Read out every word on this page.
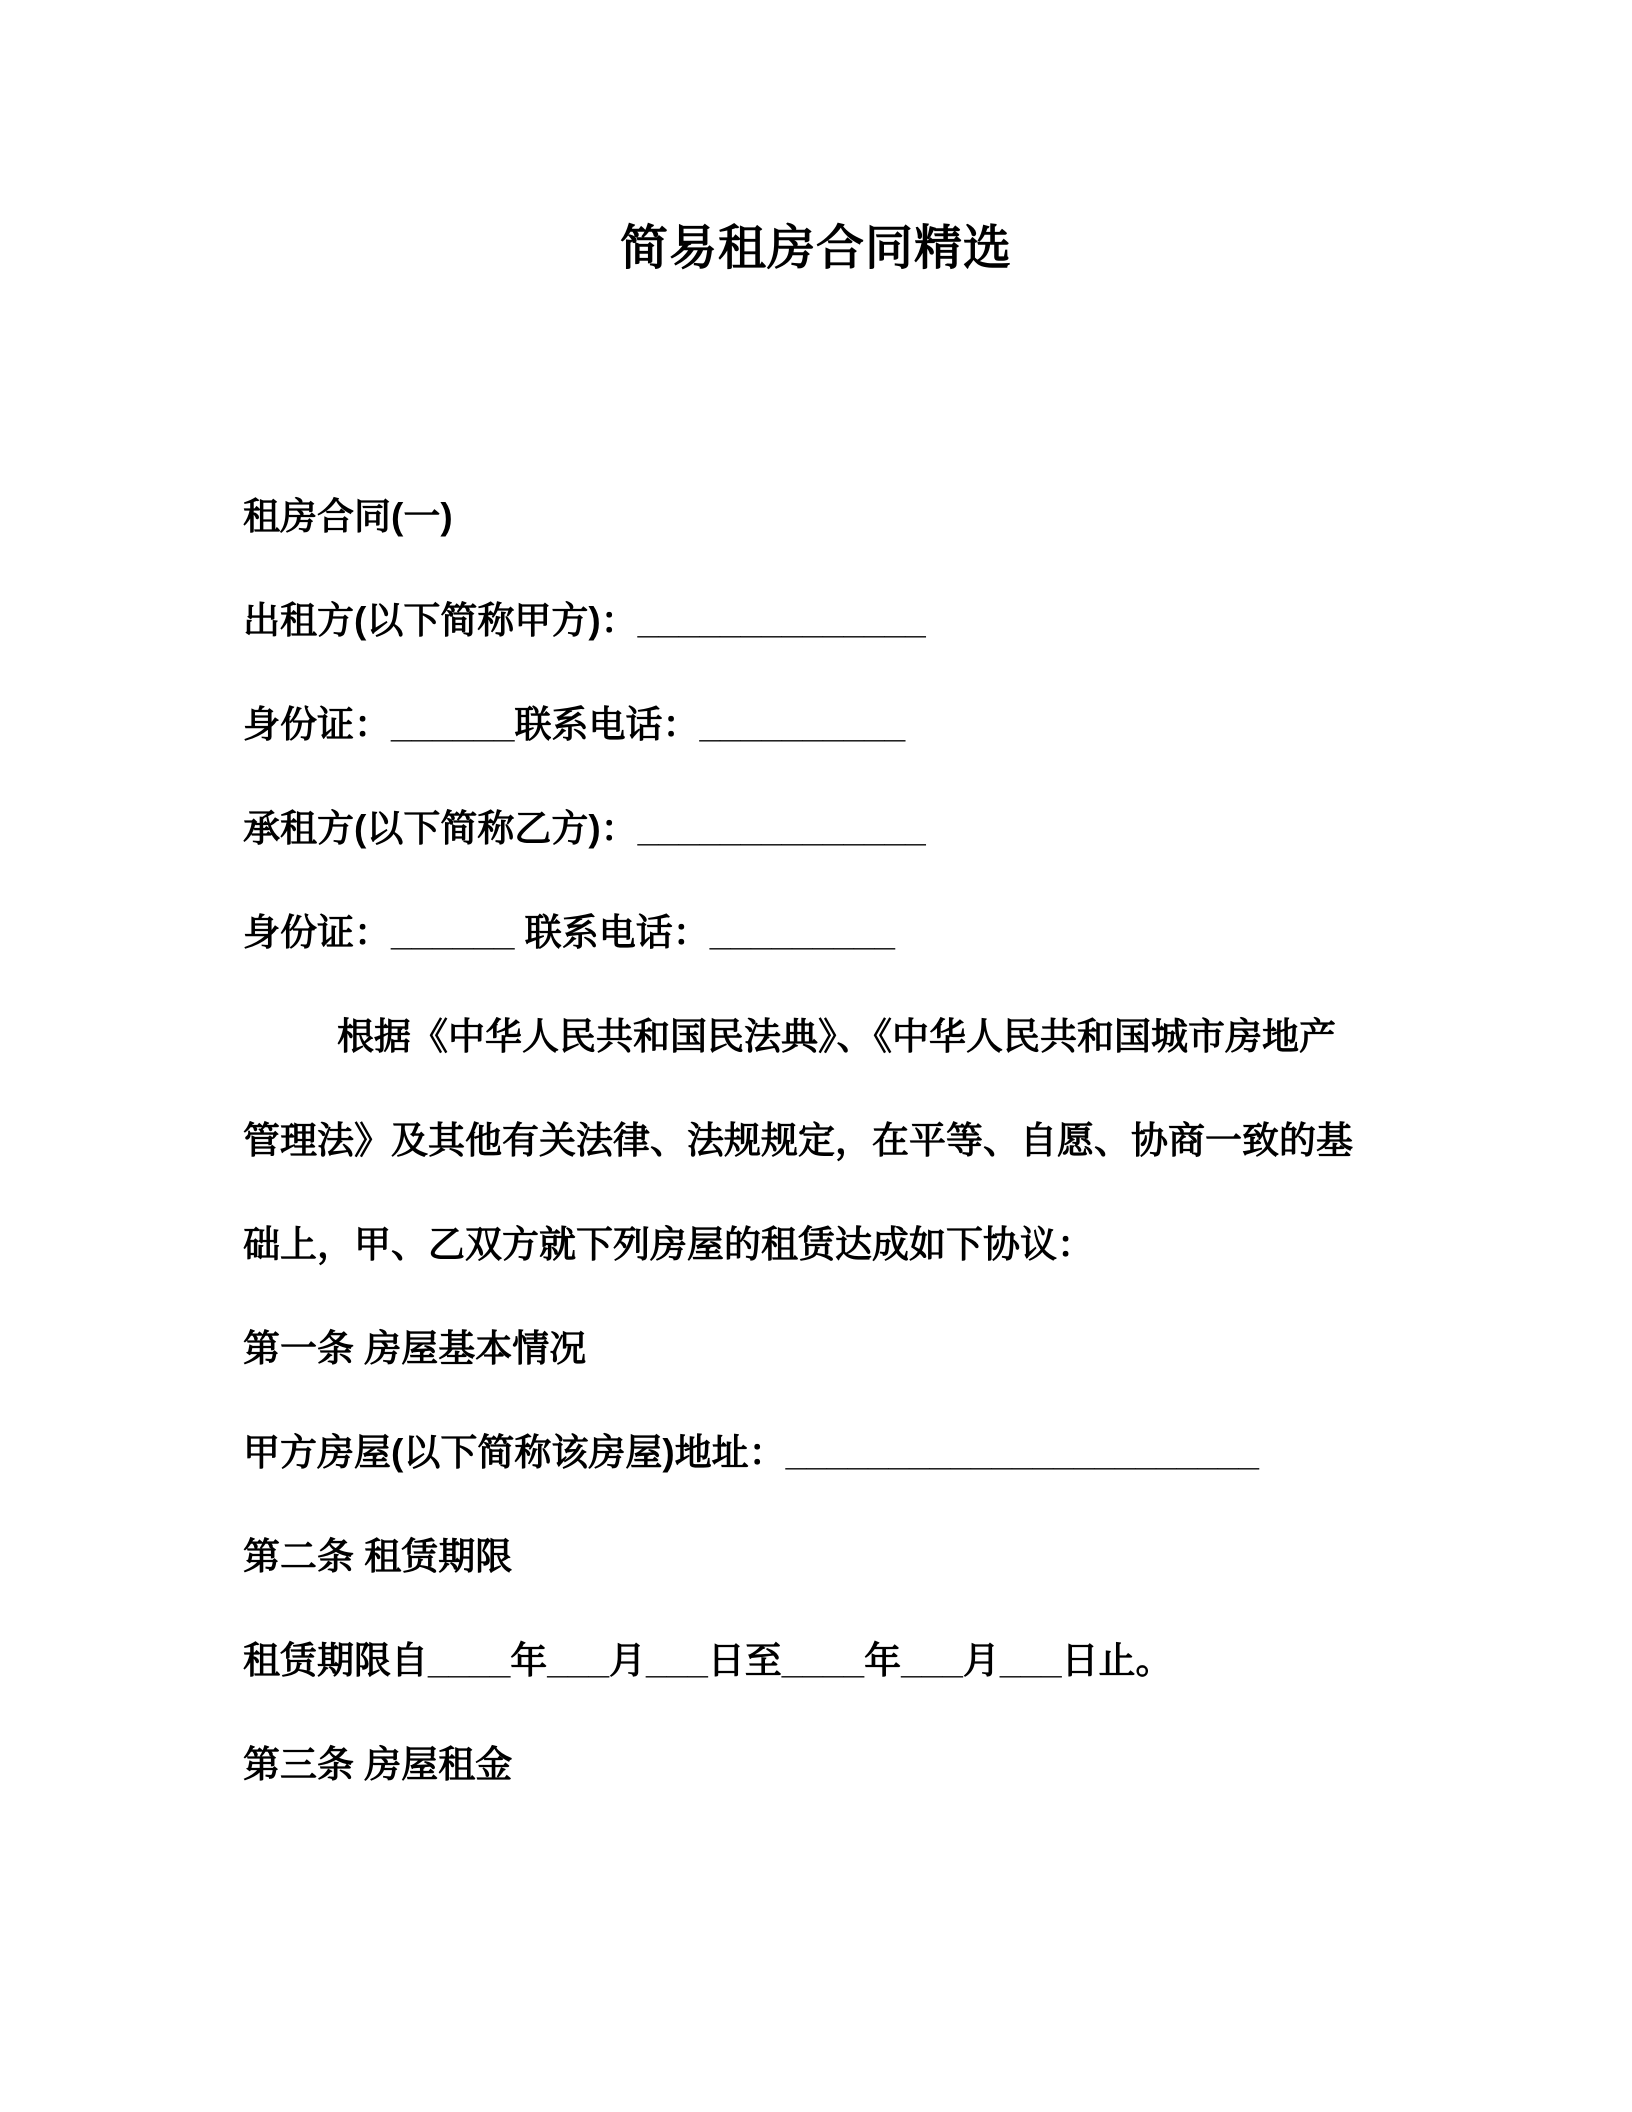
简易租房合同精选

租房合同(一)

出租方(以下简称甲方)：______________

身份证：______联系电话：__________

承租方(以下简称乙方)：______________

身份证：______ 联系电话：_________

根据《中华人民共和国民法典》、《中华人民共和国城市房地产

管理法》及其他有关法律、法规规定，在平等、自愿、协商一致的基

础上，甲、乙双方就下列房屋的租赁达成如下协议：

第一条 房屋基本情况

甲方房屋(以下简称该房屋)地址：_______________________

第二条 租赁期限

租赁期限自____年___月___日至____年___月___日止。

第三条 房屋租金
